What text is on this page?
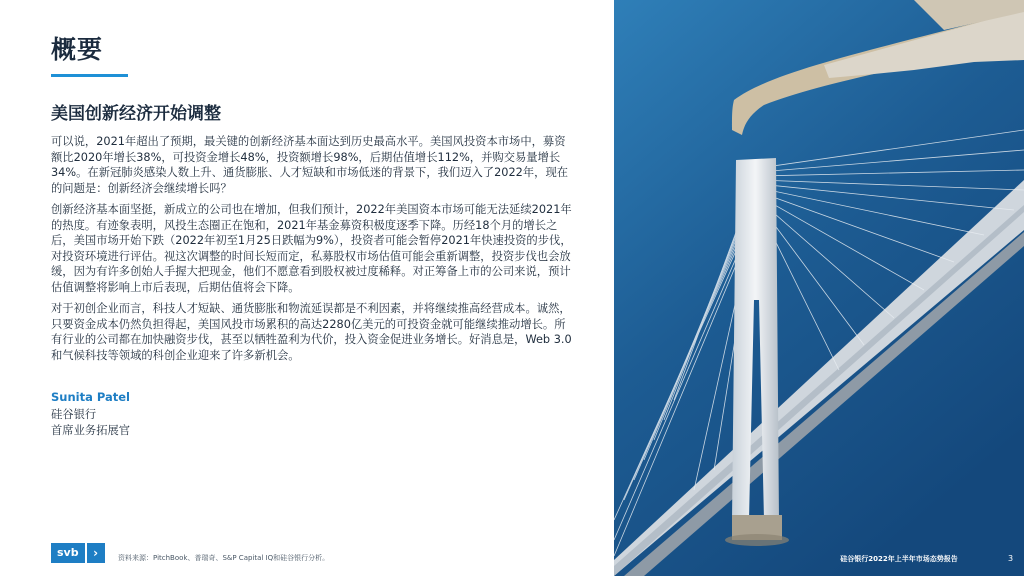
概要
美国创新经济开始调整

可以说，2021年超出了预期，最关键的创新经济基本面达到历史最高水平。美国风投资本市场中，募资额比2020年增长38%，可投资金增长48%，投资额增长98%，后期估值增长112%，并购交易量增长34%。在新冠肺炎感染人数上升、通货膨胀、人才短缺和市场低迷的背景下，我们迈入了2022年，现在的问题是：创新经济会继续增长吗？

创新经济基本面坚挺，新成立的公司也在增加，但我们预计，2022年美国资本市场可能无法延续2021年的热度。有迹象表明，风投生态圈正在饱和，2021年基金募资积极度逐季下降。历经18个月的增长之后，美国市场开始下跌（2022年初至1月25日跌幅为9%），投资者可能会暂停2021年快速投资的步伐，对投资环境进行评估。视这次调整的时间长短而定，私募股权市场估值可能会重新调整，投资步伐也会放缓，因为有许多创始人手握大把现金，他们不愿意看到股权被过度稀释。对正筹备上市的公司来说，预计估值调整将影响上市后表现，后期估值将会下降。

对于初创企业而言，科技人才短缺、通货膨胀和物流延误都是不利因素，并将继续推高经营成本。诚然，只要资金成本仍然负担得起，美国风投市场累积的高达2280亿美元的可投资金就可能继续推动增长。所有行业的公司都在加快融资步伐，甚至以牺牲盈利为代价，投入资金促进业务增长。好消息是，Web 3.0和气候科技等领域的科创企业迎来了许多新机会。

Sunita Patel
硅谷银行
首席业务拓展官
svb	›	资料来源：PitchBook、普瑞奇、S&P Capital IQ和硅谷银行分析。	硅谷银行2022年上半年市场态势报告	3
